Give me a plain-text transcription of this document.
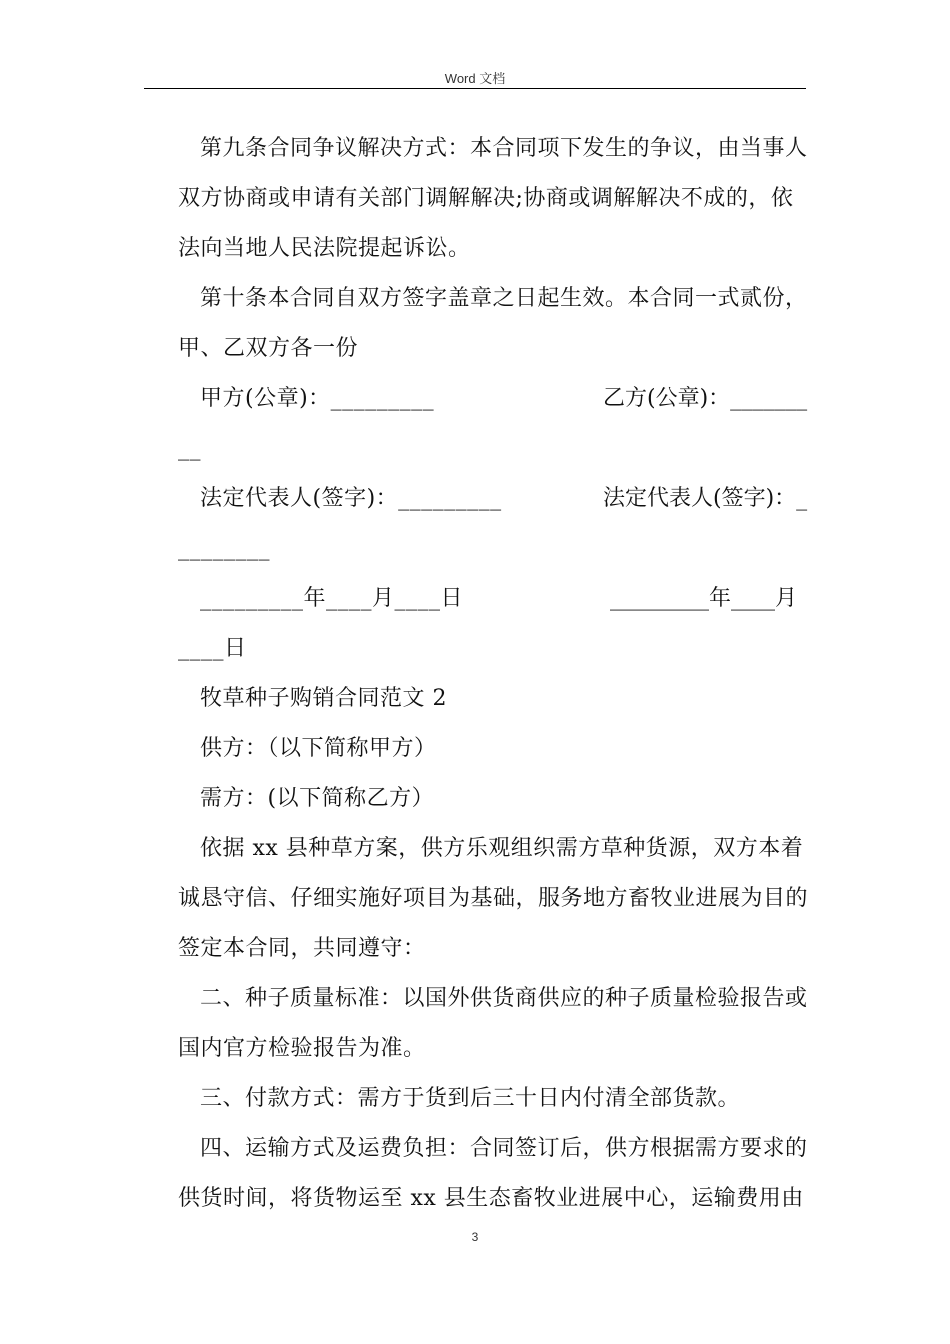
Word 文档
第九条合同争议解决方式：本合同项下发生的争议，由当事人
双方协商或申请有关部门调解解决;协商或调解解决不成的，依
法向当地人民法院提起诉讼。
第十条本合同自双方签字盖章之日起生效。本合同一式贰份，
甲、乙双方各一份
甲方(公章)：_________	乙方(公章)：_______
__
法定代表人(签字)：_________	法定代表人(签字)：_
________
_________年____月____日	_________年____月
____日
牧草种子购销合同范文 2
供方：（以下简称甲方）
需方：(以下简称乙方）
依据 xx 县种草方案，供方乐观组织需方草种货源，双方本着
诚恳守信、仔细实施好项目为基础，服务地方畜牧业进展为目的
签定本合同，共同遵守：
二、种子质量标准：以国外供货商供应的种子质量检验报告或
国内官方检验报告为准。
三、付款方式：需方于货到后三十日内付清全部货款。
四、运输方式及运费负担：合同签订后，供方根据需方要求的
供货时间，将货物运至 xx 县生态畜牧业进展中心，运输费用由
3
